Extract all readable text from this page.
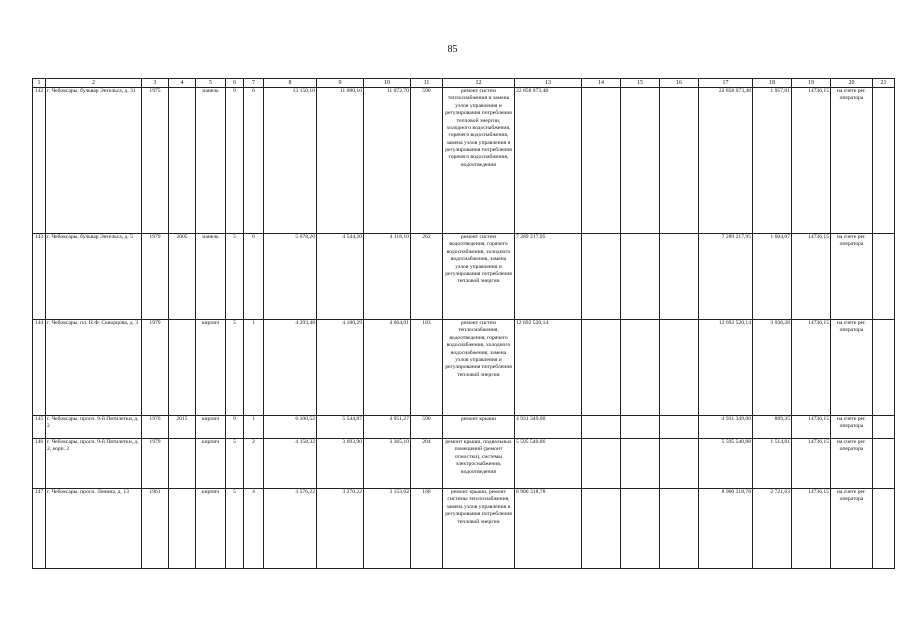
85
1	2	3	4	5	6	7	8	9	10	11	12	13	14	15	16	17	18	19	20	21
142	г. Чебоксары, бульвар Энгельса, д. 31	1975		панель	9	6	13 150,10	11 680,10	11 072,70	590	ремонт систем теплоснабжения и замена узлов управления и регулирования потребления тепловой энергии, холодного водоснабжения, горячего водоснабжения, замена узлов управления и регулирования потребления горячего водоснабжения, водоотведения	22 858 073,48				22 858 073,48	1 957,01	14736,15	на счете рег. оператора	
143	г. Чебоксары, бульвар Энгельса, д. 5	1979	2005	панель	5	6	5 078,20	4 544,20	4 118,10	262	ремонт систем водоотведения, горячего водоснабжения, холодного водоснабжения, замена узлов управления и регулирования потребления тепловой энергии	7 289 217,95				7 289 217,95	1 604,07	14736,15	на счете рег. оператора	
144	г. Чебоксары, пл. Н.Ф. Скворцова, д. 3	1979		кирпич	5	1	4 293,48	4 180,29	4 064,01	183	ремонт систем теплоснабжения, водоотведения, горячего водоснабжения, холодного водоснабжения, замена узлов управления и регулирования потребления тепловой энергии	12 692 520,14				12 692 520,14	3 036,28	14736,15	на счете рег. оператора	
145	г. Чебоксары, просп. 9-й Пятилетки, д. 2	1976	2015	кирпич	9	1	6 100,52	5 544,87	4 951,27	590	ремонт крыши	4 931 349,00				4 931 349,00	889,35	14736,15	на счете рег. оператора	
146	г. Чебоксары, просп. 9-й Пятилетки, д. 2, корп. 2	1979		кирпич	5	2	4 158,32	3 693,90	3 365,10	204	ремонт крыши, подвальных помещений (ремонт отмостки), системы электроснабжения, водоотведения	5 595 540,86				5 595 540,88	1 514,81	14736,15	на счете рег. оператора	
147	г. Чебоксары, просп. Ленина, д. 13	1961		кирпич	5	4	3 576,22	3 270,22	3 153,62	168	ремонт крыши, ремонт системы теплоснабжения, замена узлов управления и регулирования потребления тепловой энергии	8 900 318,78				8 900 318,78	2 721,63	14736,15	на счете рег. оператора	
